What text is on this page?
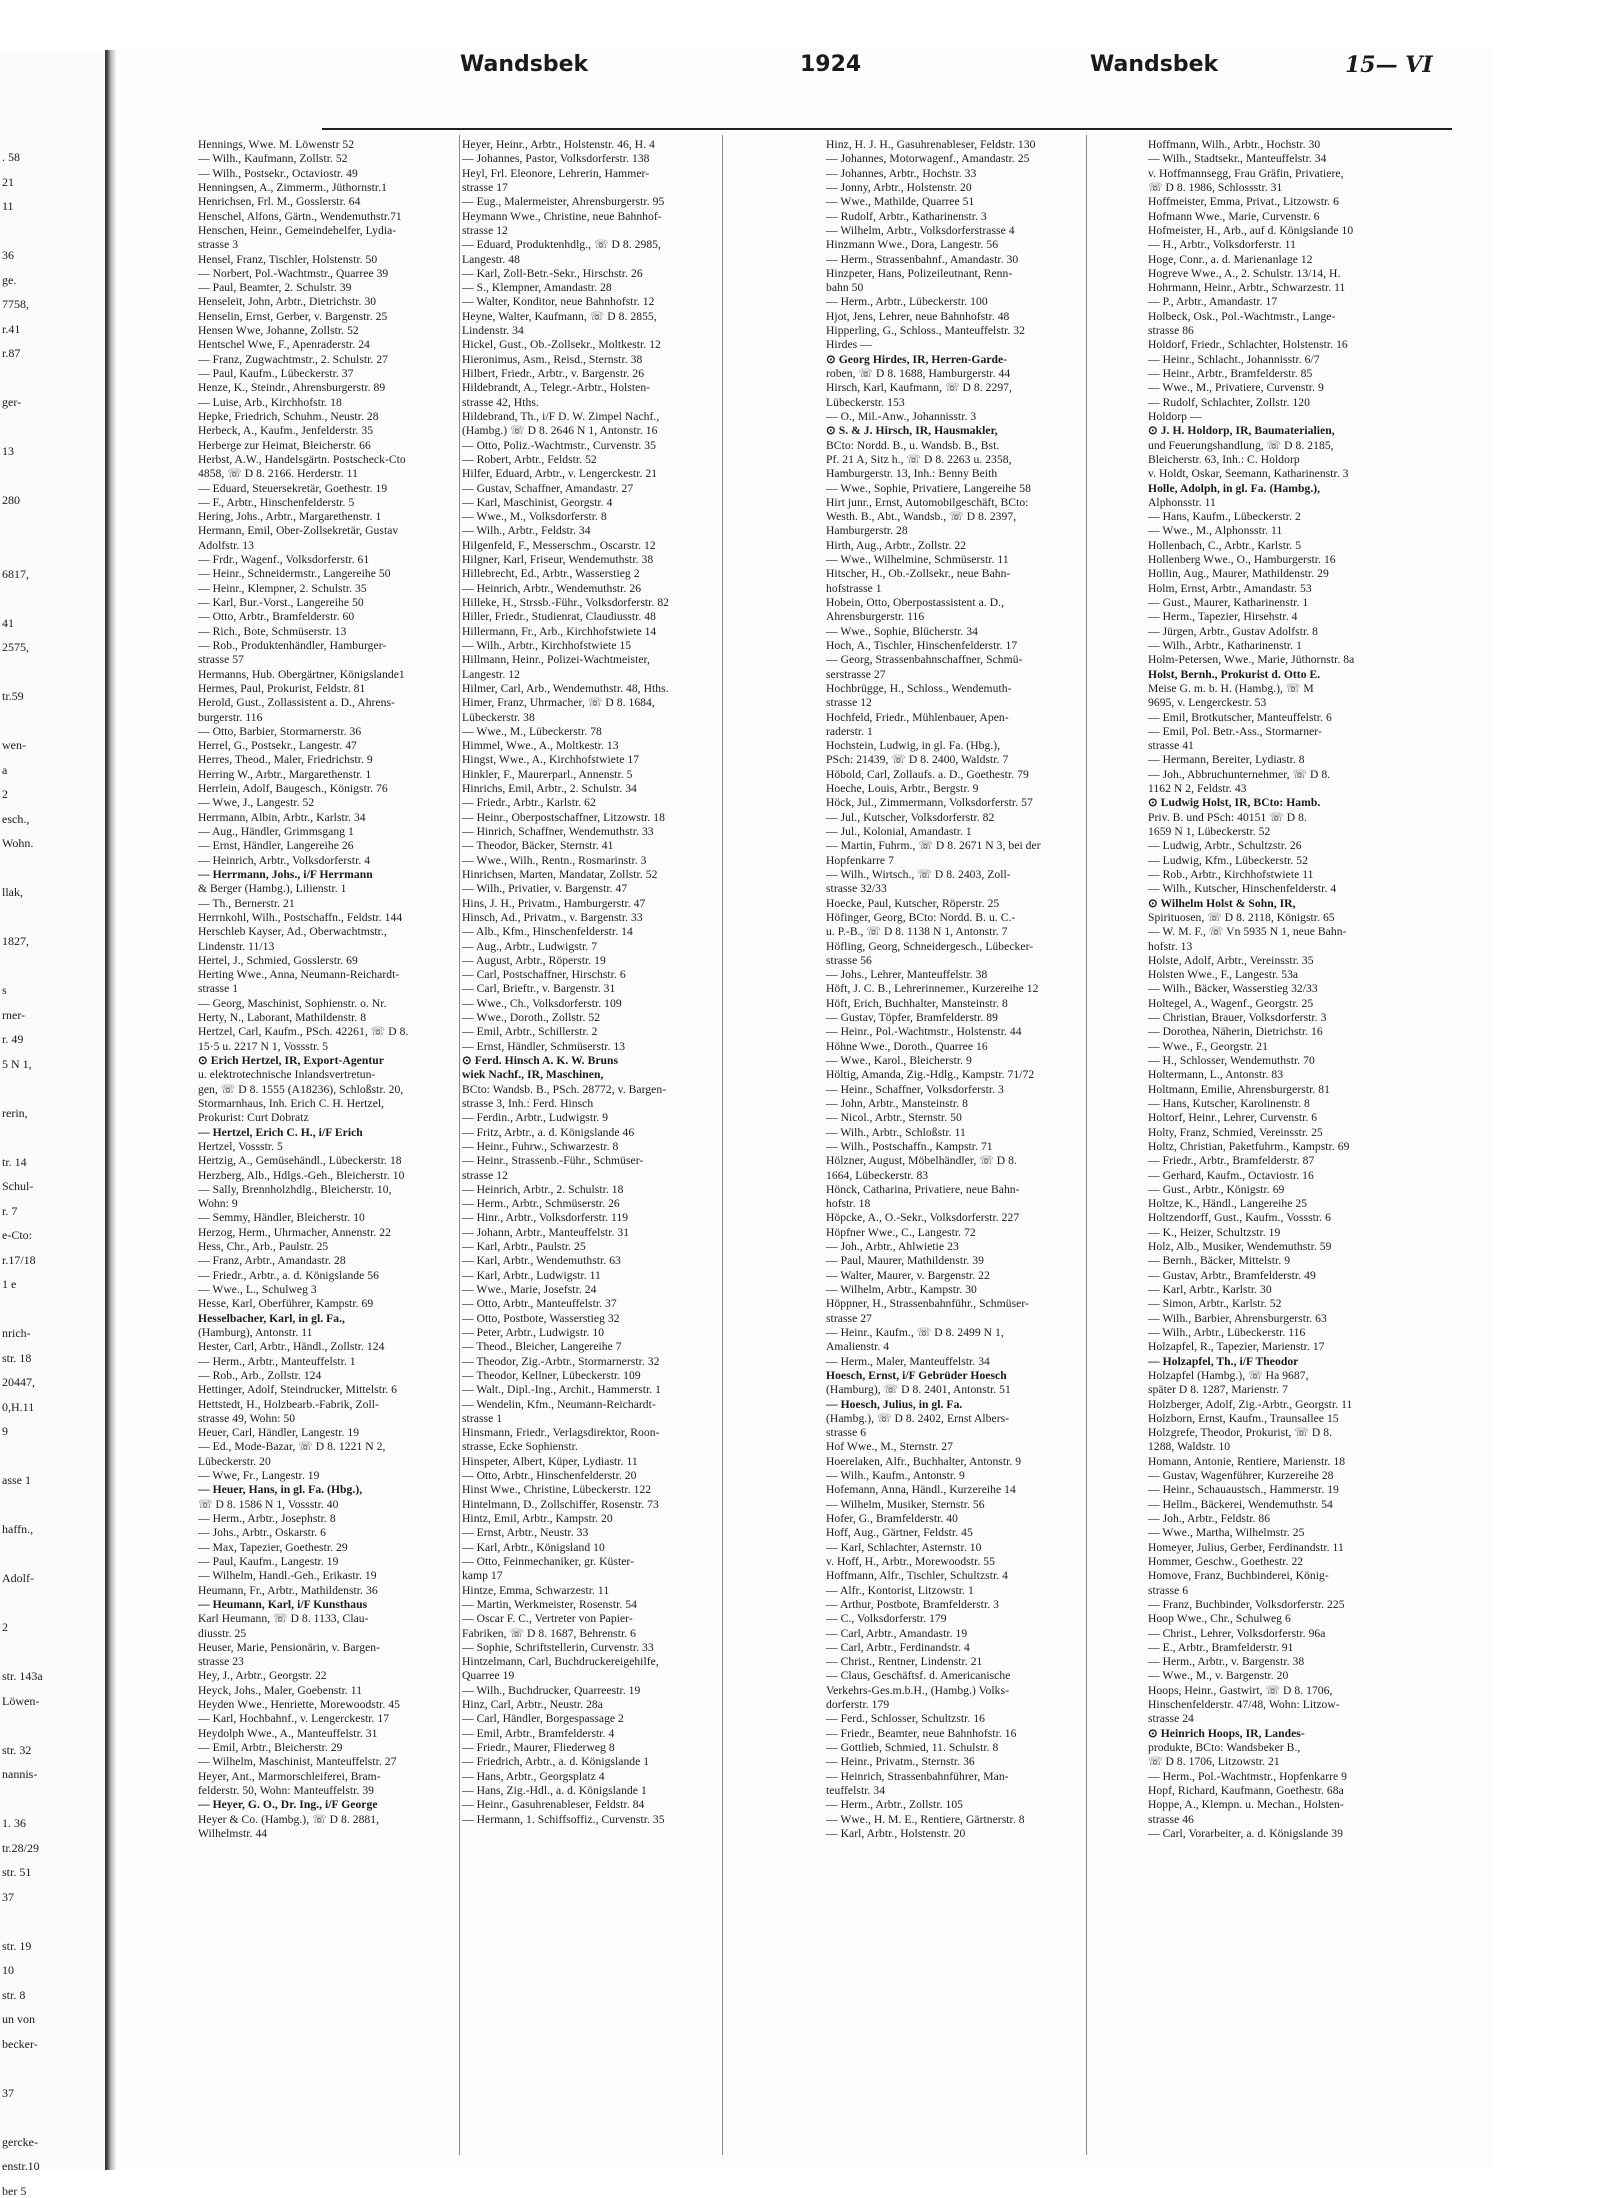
. 58
21
11
36
ge.
7758,
r.41
r.87
ger-
13
280
6817,
41
2575,
tr.59
wen-
a
2
esch.,
Wohn.
llak,
1827,
s
rner-
r. 49
5 N 1,
rerin,
tr. 14
Schul-
r. 7
e-Cto:
r.17/18
1 e
nrich-
str. 18
20447,
0,H.11
9
asse 1
haffn.,
Adolf-
2
str. 143a
Löwen-
str. 32
nannis-
1. 36
tr.28/29
str. 51
37
str. 19
10
str. 8
un von
becker-
37
gercke-
enstr.10
ber 5
Wandsbek	1924	Wandsbek	15— VI
Hennings, Wwe. M. Löwenstr 52
— Wilh., Kaufmann, Zollstr. 52
— Wilh., Postsekr., Octaviostr. 49
Henningsen, A., Zimmerm., Jüthornstr.1
Henrichsen, Frl. M., Gosslerstr. 64
Henschel, Alfons, Gärtn., Wendemuthstr.71
Henschen, Heinr., Gemeindehelfer, Lydia-
strasse 3
Hensel, Franz, Tischler, Holstenstr. 50
— Norbert, Pol.-Wachtmstr., Quarree 39
— Paul, Beamter, 2. Schulstr. 39
Henseleit, John, Arbtr., Dietrichstr. 30
Henselin, Ernst, Gerber, v. Bargenstr. 25
Hensen Wwe, Johanne, Zollstr. 52
Hentschel Wwe, F., Apenraderstr. 24
— Franz, Zugwachtmstr., 2. Schulstr. 27
— Paul, Kaufm., Lübeckerstr. 37
Henze, K., Steindr., Ahrensburgerstr. 89
— Luise, Arb., Kirchhofstr. 18
Hepke, Friedrich, Schuhm., Neustr. 28
Herbeck, A., Kaufm., Jenfelderstr. 35
Herberge zur Heimat, Bleicherstr. 66
Herbst, A.W., Handelsgärtn. Postscheck-Cto
4858, ☏ D 8. 2166. Herderstr. 11
— Eduard, Steuersekretär, Goethestr. 19
— F., Arbtr., Hinschenfelderstr. 5
Hering, Johs., Arbtr., Margarethenstr. 1
Hermann, Emil, Ober-Zollsekretär, Gustav
Adolfstr. 13
— Frdr., Wagenf., Volksdorferstr. 61
— Heinr., Schneidermstr., Langereihe 50
— Heinr., Klempner, 2. Schulstr. 35
— Karl, Bur.-Vorst., Langereihe 50
— Otto, Arbtr., Bramfelderstr. 60
— Rich., Bote, Schmüserstr. 13
— Rob., Produktenhändler, Hamburger-
strasse 57
Hermanns, Hub. Obergärtner, Königslande1
Hermes, Paul, Prokurist, Feldstr. 81
Herold, Gust., Zollassistent a. D., Ahrens-
burgerstr. 116
— Otto, Barbier, Stormarnerstr. 36
Herrel, G., Postsekr., Langestr. 47
Herres, Theod., Maler, Friedrichstr. 9
Herring W., Arbtr., Margarethenstr. 1
Herrlein, Adolf, Baugesch., Königstr. 76
— Wwe, J., Langestr. 52
Herrmann, Albin, Arbtr., Karlstr. 34
— Aug., Händler, Grimmsgang 1
— Ernst, Händler, Langereihe 26
— Heinrich, Arbtr., Volksdorferstr. 4
— Herrmann, Johs., i/F Herrmann
& Berger (Hambg.), Lilienstr. 1
— Th., Bernerstr. 21
Herrnkohl, Wilh., Postschaffn., Feldstr. 144
Herschleb Kayser, Ad., Oberwachtmstr.,
Lindenstr. 11/13
Hertel, J., Schmied, Gosslerstr. 69
Herting Wwe., Anna, Neumann-Reichardt-
strasse 1
— Georg, Maschinist, Sophienstr. o. Nr.
Herty, N., Laborant, Mathildenstr. 8
Hertzel, Carl, Kaufm., PSch. 42261, ☏ D 8.
15·5 u. 2217 N 1, Vossstr. 5
⊙ Erich Hertzel, IR, Export-Agentur
u. elektrotechnische Inlandsvertretun-
gen, ☏ D 8. 1555 (A18236), Schloßstr. 20,
Stormarnhaus, Inh. Erich C. H. Hertzel,
Prokurist: Curt Dobratz
— Hertzel, Erich C. H., i/F Erich
Hertzel, Vossstr. 5
Hertzig, A., Gemüsehändl., Lübeckerstr. 18
Herzberg, Alb., Hdlgs.-Geh., Bleicherstr. 10
— Sally, Brennholzhdlg., Bleicherstr. 10,
Wohn: 9
— Semmy, Händler, Bleicherstr. 10
Herzog, Herm., Uhrmacher, Annenstr. 22
Hess, Chr., Arb., Paulstr. 25
— Franz, Arbtr., Amandastr. 28
— Friedr., Arbtr., a. d. Königslande 56
— Wwe., L., Schulweg 3
Hesse, Karl, Oberführer, Kampstr. 69
Hesselbacher, Karl, in gl. Fa.,
(Hamburg), Antonstr. 11
Hester, Carl, Arbtr., Händl., Zollstr. 124
— Herm., Arbtr., Manteuffelstr. 1
— Rob., Arb., Zollstr. 124
Hettinger, Adolf, Steindrucker, Mittelstr. 6
Hettstedt, H., Holzbearb.-Fabrik, Zoll-
strasse 49, Wohn: 50
Heuer, Carl, Händler, Langestr. 19
— Ed., Mode-Bazar, ☏ D 8. 1221 N 2,
Lübeckerstr. 20
— Wwe, Fr., Langestr. 19
— Heuer, Hans, in gl. Fa. (Hbg.),
☏ D 8. 1586 N 1, Vossstr. 40
— Herm., Arbtr., Josephstr. 8
— Johs., Arbtr., Oskarstr. 6
— Max, Tapezier, Goethestr. 29
— Paul, Kaufm., Langestr. 19
— Wilhelm, Handl.-Geh., Erikastr. 19
Heumann, Fr., Arbtr., Mathildenstr. 36
— Heumann, Karl, i/F Kunsthaus
Karl Heumann, ☏ D 8. 1133, Clau-
diusstr. 25
Heuser, Marie, Pensionärin, v. Bargen-
strasse 23
Hey, J., Arbtr., Georgstr. 22
Heyck, Johs., Maler, Goebenstr. 11
Heyden Wwe., Henriette, Morewoodstr. 45
— Karl, Hochbahnf., v. Lengerckestr. 17
Heydolph Wwe., A., Manteuffelstr. 31
— Emil, Arbtr., Bleicherstr. 29
— Wilhelm, Maschinist, Manteuffelstr. 27
Heyer, Ant., Marmorschleiferei, Bram-
felderstr. 50, Wohn: Manteuffelstr. 39
— Heyer, G. O., Dr. Ing., i/F George
Heyer & Co. (Hambg.), ☏ D 8. 2881,
Wilhelmstr. 44
Heyer, Heinr., Arbtr., Holstenstr. 46, H. 4
— Johannes, Pastor, Volksdorferstr. 138
Heyl, Frl. Eleonore, Lehrerin, Hammer-
strasse 17
— Eug., Malermeister, Ahrensburgerstr. 95
Heymann Wwe., Christine, neue Bahnhof-
strasse 12
— Eduard, Produktenhdlg., ☏ D 8. 2985,
Langestr. 48
— Karl, Zoll-Betr.-Sekr., Hirschstr. 26
— S., Klempner, Amandastr. 28
— Walter, Konditor, neue Bahnhofstr. 12
Heyne, Walter, Kaufmann, ☏ D 8. 2855,
Lindenstr. 34
Hickel, Gust., Ob.-Zollsekr., Moltkestr. 12
Hieronimus, Asm., Reisd., Sternstr. 38
Hilbert, Friedr., Arbtr., v. Bargenstr. 26
Hildebrandt, A., Telegr.-Arbtr., Holsten-
strasse 42, Hths.
Hildebrand, Th., i/F D. W. Zimpel Nachf.,
(Hambg.) ☏ D 8. 2646 N 1, Antonstr. 16
— Otto, Poliz.-Wachtmstr., Curvenstr. 35
— Robert, Arbtr., Feldstr. 52
Hilfer, Eduard, Arbtr., v. Lengerckestr. 21
— Gustav, Schaffner, Amandastr. 27
— Karl, Maschinist, Georgstr. 4
— Wwe., M., Volksdorferstr. 8
— Wilh., Arbtr., Feldstr. 34
Hilgenfeld, F., Messerschm., Oscarstr. 12
Hilgner, Karl, Friseur, Wendemuthstr. 38
Hillebrecht, Ed., Arbtr., Wasserstieg 2
— Heinrich, Arbtr., Wendemuthstr. 26
Hilleke, H., Strssb.-Führ., Volksdorferstr. 82
Hiller, Friedr., Studienrat, Claudiusstr. 48
Hillermann, Fr., Arb., Kirchhofstwiete 14
— Wilh., Arbtr., Kirchhofstwiete 15
Hillmann, Heinr., Polizei-Wachtmeister,
Langestr. 12
Hilmer, Carl, Arb., Wendemuthstr. 48, Hths.
Himer, Franz, Uhrmacher, ☏ D 8. 1684,
Lübeckerstr. 38
— Wwe., M., Lübeckerstr. 78
Himmel, Wwe., A., Moltkestr. 13
Hingst, Wwe., A., Kirchhofstwiete 17
Hinkler, F., Maurerparl., Annenstr. 5
Hinrichs, Emil, Arbtr., 2. Schulstr. 34
— Friedr., Arbtr., Karlstr. 62
— Heinr., Oberpostschaffner, Litzowstr. 18
— Hinrich, Schaffner, Wendemuthstr. 33
— Theodor, Bäcker, Sternstr. 41
— Wwe., Wilh., Rentn., Rosmarinstr. 3
Hinrichsen, Marten, Mandatar, Zollstr. 52
— Wilh., Privatier, v. Bargenstr. 47
Hins, J. H., Privatm., Hamburgerstr. 47
Hinsch, Ad., Privatm., v. Bargenstr. 33
— Alb., Kfm., Hinschenfelderstr. 14
— Aug., Arbtr., Ludwigstr. 7
— August, Arbtr., Röperstr. 19
— Carl, Postschaffner, Hirschstr. 6
— Carl, Brieftr., v. Bargenstr. 31
— Wwe., Ch., Volksdorferstr. 109
— Wwe., Doroth., Zollstr. 52
— Emil, Arbtr., Schillerstr. 2
— Ernst, Händler, Schmüserstr. 13
⊙ Ferd. Hinsch A. K. W. Bruns
wiek Nachf., IR, Maschinen,
BCto: Wandsb. B., PSch. 28772, v. Bargen-
strasse 3, Inh.: Ferd. Hinsch
— Ferdin., Arbtr., Ludwigstr. 9
— Fritz, Arbtr., a. d. Königslande 46
— Heinr., Fuhrw., Schwarzestr. 8
— Heinr., Strassenb.-Führ., Schmüser-
strasse 12
— Heinrich, Arbtr., 2. Schulstr. 18
— Herm., Arbtr., Schmüserstr. 26
— Hinr., Arbtr., Volksdorferstr. 119
— Johann, Arbtr., Manteuffelstr. 31
— Karl, Arbtr., Paulstr. 25
— Karl, Arbtr., Wendemuthstr. 63
— Karl, Arbtr., Ludwigstr. 11
— Wwe., Marie, Josefstr. 24
— Otto, Arbtr., Manteuffelstr. 37
— Otto, Postbote, Wasserstieg 32
— Peter, Arbtr., Ludwigstr. 10
— Theod., Bleicher, Langereihe 7
— Theodor, Zig.-Arbtr., Stormarnerstr. 32
— Theodor, Kellner, Lübeckerstr. 109
— Walt., Dipl.-Ing., Archit., Hammerstr. 1
— Wendelin, Kfm., Neumann-Reichardt-
strasse 1
Hinsmann, Friedr., Verlagsdirektor, Roon-
strasse, Ecke Sophienstr.
Hinspeter, Albert, Küper, Lydiastr. 11
— Otto, Arbtr., Hinschenfelderstr. 20
Hinst Wwe., Christine, Lübeckerstr. 122
Hintelmann, D., Zollschiffer, Rosenstr. 73
Hintz, Emil, Arbtr., Kampstr. 20
— Ernst, Arbtr., Neustr. 33
— Karl, Arbtr., Königsland 10
— Otto, Feinmechaniker, gr. Küster-
kamp 17
Hintze, Emma, Schwarzestr. 11
— Martin, Werkmeister, Rosenstr. 54
— Oscar F. C., Vertreter von Papier-
Fabriken, ☏ D 8. 1687, Behrenstr. 6
— Sophie, Schriftstellerin, Curvenstr. 33
Hintzelmann, Carl, Buchdruckereigehilfe,
Quarree 19
— Wilh., Buchdrucker, Quarreestr. 19
Hinz, Carl, Arbtr., Neustr. 28a
— Carl, Händler, Borgespassage 2
— Emil, Arbtr., Bramfelderstr. 4
— Friedr., Maurer, Fliederweg 8
— Friedrich, Arbtr., a. d. Königslande 1
— Hans, Arbtr., Georgsplatz 4
— Hans, Zig.-Hdl., a. d. Königslande 1
— Heinr., Gasuhrenableser, Feldstr. 84
— Hermann, 1. Schiffsoffiz., Curvenstr. 35
Hinz, H. J. H., Gasuhrenableser, Feldstr. 130
— Johannes, Motorwagenf., Amandastr. 25
— Johannes, Arbtr., Hochstr. 33
— Jonny, Arbtr., Holstenstr. 20
— Wwe., Mathilde, Quarree 51
— Rudolf, Arbtr., Katharinenstr. 3
— Wilhelm, Arbtr., Volksdorferstrasse 4
Hinzmann Wwe., Dora, Langestr. 56
— Herm., Strassenbahnf., Amandastr. 30
Hinzpeter, Hans, Polizeileutnant, Renn-
bahn 50
— Herm., Arbtr., Lübeckerstr. 100
Hjot, Jens, Lehrer, neue Bahnhofstr. 48
Hipperling, G., Schloss., Manteuffelstr. 32
Hirdes —
⊙ Georg Hirdes, IR, Herren-Garde-
roben, ☏ D 8. 1688, Hamburgerstr. 44
Hirsch, Karl, Kaufmann, ☏ D 8. 2297,
Lübeckerstr. 153
— O., Mil.-Anw., Johannisstr. 3
⊙ S. & J. Hirsch, IR, Hausmakler,
BCto: Nordd. B., u. Wandsb. B., Bst.
Pf. 21 A, Sitz h., ☏ D 8. 2263 u. 2358,
Hamburgerstr. 13, Inh.: Benny Beith
— Wwe., Sophie, Privatiere, Langereihe 58
Hirt junr., Ernst, Automobilgeschäft, BCto:
Westh. B., Abt., Wandsb., ☏ D 8. 2397,
Hamburgerstr. 28
Hirth, Aug., Arbtr., Zollstr. 22
— Wwe., Wilhelmine, Schmüserstr. 11
Hitscher, H., Ob.-Zollsekr., neue Bahn-
hofstrasse 1
Hobein, Otto, Oberpostassistent a. D.,
Ahrensburgerstr. 116
— Wwe., Sophie, Blücherstr. 34
Hoch, A., Tischler, Hinschenfelderstr. 17
— Georg, Strassenbahnschaffner, Schmü-
serstrasse 27
Hochbrügge, H., Schloss., Wendemuth-
strasse 12
Hochfeld, Friedr., Mühlenbauer, Apen-
raderstr. 1
Hochstein, Ludwig, in gl. Fa. (Hbg.),
PSch: 21439, ☏ D 8. 2400, Waldstr. 7
Höbold, Carl, Zollaufs. a. D., Goethestr. 79
Hoeche, Louis, Arbtr., Bergstr. 9
Höck, Jul., Zimmermann, Volksdorferstr. 57
— Jul., Kutscher, Volksdorferstr. 82
— Jul., Kolonial, Amandastr. 1
— Martin, Fuhrm., ☏ D 8. 2671 N 3, bei der
Hopfenkarre 7
— Wilh., Wirtsch., ☏ D 8. 2403, Zoll-
strasse 32/33
Hoecke, Paul, Kutscher, Röperstr. 25
Höfinger, Georg, BCto: Nordd. B. u. C.-
u. P.-B., ☏ D 8. 1138 N 1, Antonstr. 7
Höfling, Georg, Schneidergesch., Lübecker-
strasse 56
— Johs., Lehrer, Manteuffelstr. 38
Höft, J. C. B., Lehrerinnemer., Kurzereihe 12
Höft, Erich, Buchhalter, Mansteinstr. 8
— Gustav, Töpfer, Bramfelderstr. 89
— Heinr., Pol.-Wachtmstr., Holstenstr. 44
Höhne Wwe., Doroth., Quarree 16
— Wwe., Karol., Bleicherstr. 9
Höltig, Amanda, Zig.-Hdlg., Kampstr. 71/72
— Heinr., Schaffner, Volksdorferstr. 3
— John, Arbtr., Mansteinstr. 8
— Nicol., Arbtr., Sternstr. 50
— Wilh., Arbtr., Schloßstr. 11
— Wilh., Postschaffn., Kampstr. 71
Hölzner, August, Möbelhändler, ☏ D 8.
1664, Lübeckerstr. 83
Hönck, Catharina, Privatiere, neue Bahn-
hofstr. 18
Höpcke, A., O.-Sekr., Volksdorferstr. 227
Höpfner Wwe., C., Langestr. 72
— Joh., Arbtr., Ahlwietie 23
— Paul, Maurer, Mathildenstr. 39
— Walter, Maurer, v. Bargenstr. 22
— Wilhelm, Arbtr., Kampstr. 30
Höppner, H., Strassenbahnführ., Schmüser-
strasse 27
— Heinr., Kaufm., ☏ D 8. 2499 N 1,
Amalienstr. 4
— Herm., Maler, Manteuffelstr. 34
Hoesch, Ernst, i/F Gebrüder Hoesch
(Hamburg), ☏ D 8. 2401, Antonstr. 51
— Hoesch, Julius, in gl. Fa.
(Hambg.), ☏ D 8. 2402, Ernst Albers-
strasse 6
Hof Wwe., M., Sternstr. 27
Hoerelaken, Alfr., Buchhalter, Antonstr. 9
— Wilh., Kaufm., Antonstr. 9
Hofemann, Anna, Händl., Kurzereihe 14
— Wilhelm, Musiker, Sternstr. 56
Hofer, G., Bramfelderstr. 40
Hoff, Aug., Gärtner, Feldstr. 45
— Karl, Schlachter, Asternstr. 10
v. Hoff, H., Arbtr., Morewoodstr. 55
Hoffmann, Alfr., Tischler, Schultzstr. 4
— Alfr., Kontorist, Litzowstr. 1
— Arthur, Postbote, Bramfelderstr. 3
— C., Volksdorferstr. 179
— Carl, Arbtr., Amandastr. 19
— Carl, Arbtr., Ferdinandstr. 4
— Christ., Rentner, Lindenstr. 21
— Claus, Geschäftsf. d. Americanische
Verkehrs-Ges.m.b.H., (Hambg.) Volks-
dorferstr. 179
— Ferd., Schlosser, Schultzstr. 16
— Friedr., Beamter, neue Bahnhofstr. 16
— Gottlieb, Schmied, 11. Schulstr. 8
— Heinr., Privatm., Sternstr. 36
— Heinrich, Strassenbahnführer, Man-
teuffelstr. 34
— Herm., Arbtr., Zollstr. 105
— Wwe., H. M. E., Rentiere, Gärtnerstr. 8
— Karl, Arbtr., Holstenstr. 20
Hoffmann, Wilh., Arbtr., Hochstr. 30
— Wilh., Stadtsekr., Manteuffelstr. 34
v. Hoffmannsegg, Frau Gräfin, Privatiere,
☏ D 8. 1986, Schlossstr. 31
Hoffmeister, Emma, Privat., Litzowstr. 6
Hofmann Wwe., Marie, Curvenstr. 6
Hofmeister, H., Arb., auf d. Königslande 10
— H., Arbtr., Volksdorferstr. 11
Hoge, Conr., a. d. Marienanlage 12
Hogreve Wwe., A., 2. Schulstr. 13/14, H.
Hohrmann, Heinr., Arbtr., Schwarzestr. 11
— P., Arbtr., Amandastr. 17
Holbeck, Osk., Pol.-Wachtmstr., Lange-
strasse 86
Holdorf, Friedr., Schlachter, Holstenstr. 16
— Heinr., Schlacht., Johannisstr. 6/7
— Heinr., Arbtr., Bramfelderstr. 85
— Wwe., M., Privatiere, Curvenstr. 9
— Rudolf, Schlachter, Zollstr. 120
Holdorp —
⊙ J. H. Holdorp, IR, Baumaterialien,
und Feuerungshandlung, ☏ D 8. 2185,
Bleicherstr. 63, Inh.: C. Holdorp
v. Holdt, Oskar, Seemann, Katharinenstr. 3
Holle, Adolph, in gl. Fa. (Hambg.),
Alphonsstr. 11
— Hans, Kaufm., Lübeckerstr. 2
— Wwe., M., Alphonsstr. 11
Hollenbach, C., Arbtr., Karlstr. 5
Hollenberg Wwe., O., Hamburgerstr. 16
Hollin, Aug., Maurer, Mathildenstr. 29
Holm, Ernst, Arbtr., Amandastr. 53
— Gust., Maurer, Katharinenstr. 1
— Herm., Tapezier, Hirsehstr. 4
— Jürgen, Arbtr., Gustav Adolfstr. 8
— Wilh., Arbtr., Katharinenstr. 1
Holm-Petersen, Wwe., Marie, Jüthornstr. 8a
Holst, Bernh., Prokurist d. Otto E.
Meise G. m. b. H. (Hambg.), ☏ M
9695, v. Lengerckestr. 53
— Emil, Brotkutscher, Manteuffelstr. 6
— Emil, Pol. Betr.-Ass., Stormarner-
strasse 41
— Hermann, Bereiter, Lydiastr. 8
— Joh., Abbruchunternehmer, ☏ D 8.
1162 N 2, Feldstr. 43
⊙ Ludwig Holst, IR, BCto: Hamb.
Priv. B. und PSch: 40151 ☏ D 8.
1659 N 1, Lübeckerstr. 52
— Ludwig, Arbtr., Schultzstr. 26
— Ludwig, Kfm., Lübeckerstr. 52
— Rob., Arbtr., Kirchhofstwiete 11
— Wilh., Kutscher, Hinschenfelderstr. 4
⊙ Wilhelm Holst & Sohn, IR,
Spirituosen, ☏ D 8. 2118, Königstr. 65
— W. M. F., ☏ Vn 5935 N 1, neue Bahn-
hofstr. 13
Holste, Adolf, Arbtr., Vereinsstr. 35
Holsten Wwe., F., Langestr. 53a
— Wilh., Bäcker, Wasserstieg 32/33
Holtegel, A., Wagenf., Georgstr. 25
— Christian, Brauer, Volksdorferstr. 3
— Dorothea, Näherin, Dietrichstr. 16
— Wwe., F., Georgstr. 21
— H., Schlosser, Wendemuthstr. 70
Holtermann, L., Antonstr. 83
Holtmann, Emilie, Ahrensburgerstr. 81
— Hans, Kutscher, Karolinenstr. 8
Holtorf, Heinr., Lehrer, Curvenstr. 6
Holty, Franz, Schmied, Vereinsstr. 25
Holtz, Christian, Paketfuhrm., Kampstr. 69
— Friedr., Arbtr., Bramfelderstr. 87
— Gerhard, Kaufm., Octaviostr. 16
— Gust., Arbtr., Königstr. 69
Holtze, K., Händl., Langereihe 25
Holtzendorff, Gust., Kaufm., Vossstr. 6
— K., Heizer, Schultzstr. 19
Holz, Alb., Musiker, Wendemuthstr. 59
— Bernh., Bäcker, Mittelstr. 9
— Gustav, Arbtr., Bramfelderstr. 49
— Karl, Arbtr., Karlstr. 30
— Simon, Arbtr., Karlstr. 52
— Wilh., Barbier, Ahrensburgerstr. 63
— Wilh., Arbtr., Lübeckerstr. 116
Holzapfel, R., Tapezier, Marienstr. 17
— Holzapfel, Th., i/F Theodor
Holzapfel (Hambg.), ☏ Ha 9687,
später D 8. 1287, Marienstr. 7
Holzberger, Adolf, Zig.-Arbtr., Georgstr. 11
Holzborn, Ernst, Kaufm., Traunsallee 15
Holzgrefe, Theodor, Prokurist, ☏ D 8.
1288, Waldstr. 10
Homann, Antonie, Rentiere, Marienstr. 18
— Gustav, Wagenführer, Kurzereihe 28
— Heinr., Schauaustsch., Hammerstr. 19
— Hellm., Bäckerei, Wendemuthstr. 54
— Joh., Arbtr., Feldstr. 86
— Wwe., Martha, Wilhelmstr. 25
Homeyer, Julius, Gerber, Ferdinandstr. 11
Hommer, Geschw., Goethestr. 22
Homove, Franz, Buchbinderei, König-
strasse 6
— Franz, Buchbinder, Volksdorferstr. 225
Hoop Wwe., Chr., Schulweg 6
— Christ., Lehrer, Volksdorferstr. 96a
— E., Arbtr., Bramfelderstr. 91
— Herm., Arbtr., v. Bargenstr. 38
— Wwe., M., v. Bargenstr. 20
Hoops, Heinr., Gastwirt, ☏ D 8. 1706,
Hinschenfelderstr. 47/48, Wohn: Litzow-
strasse 24
⊙ Heinrich Hoops, IR, Landes-
produkte, BCto: Wandsbeker B.,
☏ D 8. 1706, Litzowstr. 21
— Herm., Pol.-Wachtmstr., Hopfenkarre 9
Hopf, Richard, Kaufmann, Goethestr. 68a
Hoppe, A., Klempn. u. Mechan., Holsten-
strasse 46
— Carl, Vorarbeiter, a. d. Königslande 39
